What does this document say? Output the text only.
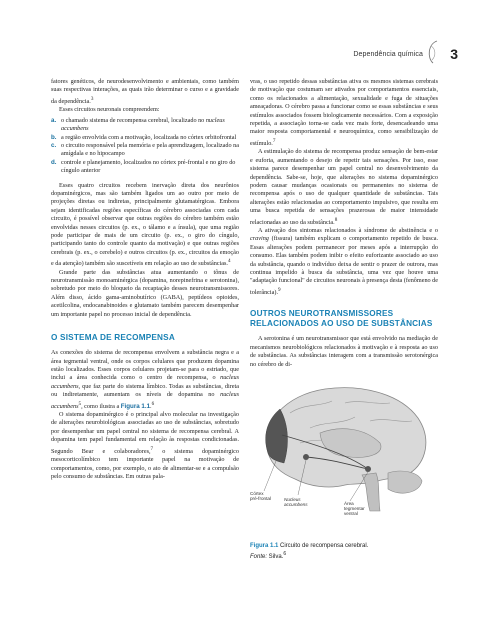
Dependência química 3

fatores genéticos, de neurodesenvolvimento e ambientais, como também suas respectivas interações, as quais irão determinar o curso e a gravidade da dependência.$^3$

Esses circuitos neuronais compreendem:

a. o chamado sistema de recompensa cerebral, localizado no nucleus accumbens
b. a região envolvida com a motivação, localizada no córtex orbitofrontal
c. o circuito responsável pela memória e pela aprendizagem, localizado na amígdala e no hipocampo
d. controle e planejamento, localizados no córtex pré-frontal e no giro do cíngulo anterior

Esses quatro circuitos recebem inervação direta dos neurônios dopaminérgicos, mas são também ligados um ao outro por meio de projeções diretas ou indiretas, principalmente glutamatérgicas. Embora sejam identificadas regiões específicas do cérebro associadas com cada circuito, é possível observar que outras regiões do cérebro também estão envolvidas nesses circuitos (p. ex., o tálamo e a ínsula), que uma região pode participar de mais de um circuito (p. ex., o giro do cíngulo, participando tanto do controle quanto da motivação) e que outras regiões cerebrais (p. ex., o cerebelo) e outros circuitos (p. ex., circuitos da emoção e da atenção) também são suscetíveis em relação ao uso de substâncias.$^4$

Grande parte das substâncias atua aumentando o tônus de neurotransmissão monoaminérgica (dopamina, norepinefrina e serotonina), sobretudo por meio do bloqueio da recaptação desses neurotransmissores. Além disso, ácido gama-aminobutírico (GABA), peptídeos opioides, acetilcolina, endocanabinoides e glutamato também parecem desempenhar um importante papel no processo inicial de dependência.

O SISTEMA DE RECOMPENSA

As conexões do sistema de recompensa envolvem a substância negra e a área tegmental ventral, onde os corpos celulares que produzem dopamina estão localizados. Esses corpos celulares projetam-se para o estriado, que inclui a área conhecida como o centro de recompensa, o nucleus accumbens, que faz parte do sistema límbico. Todas as substâncias, direta ou indiretamente, aumentam os níveis de dopamina no nucleus accumbens$^5$, como ilustra a Figura 1.1.$^6$

O sistema dopaminérgico é o principal alvo molecular na investigação de alterações neurobiológicas associadas ao uso de substâncias, sobretudo por desempenhar um papel central no sistema de recompensa cerebral. A dopamina tem papel fundamental em relação às respostas condicionadas. Segundo Bear e colaboradores,$^7$ o sistema dopaminérgico mesocorticolímbico tem importante papel na motivação de comportamentos, como, por exemplo, o ato de alimentar-se e a compulsão pelo consumo de substâncias. Em outras pala-

vras, o uso repetido dessas substâncias ativa os mesmos sistemas cerebrais de motivação que costumam ser ativados por comportamentos essenciais, como os relacionados a alimentação, sexualidade e fuga de situações ameaçadoras. O cérebro passa a funcionar como se essas substâncias e seus estímulos associados fossem biologicamente necessários. Com a exposição repetida, a associação torna-se cada vez mais forte, desencadeando uma maior resposta comportamental e neuroquímica, como sensibilização de estímulo.$^7$

A estimulação do sistema de recompensa produz sensação de bem-estar e euforia, aumentando o desejo de repetir tais sensações. Por isso, esse sistema parece desempenhar um papel central no desenvolvimento da dependência. Sabe-se, hoje, que alterações no sistema dopaminérgico podem causar mudanças ocasionais ou permanentes no sistema de recompensa após o uso de qualquer quantidade de substâncias. Tais alterações estão relacionadas ao comportamento impulsivo, que resulta em uma busca repetida de sensações prazerosas de maior intensidade relacionadas ao uso da substância.$^8$

A ativação dos sintomas relacionados à síndrome de abstinência e o craving (fissura) também explicam o comportamento repetido de busca. Essas alterações podem permanecer por meses após a interrupção do consumo. Elas também podem inibir o efeito euforizante associado ao uso da substância, quando o indivíduo deixa de sentir o prazer de outrora, mas continua impelido à busca da substância, uma vez que houve uma "adaptação funcional" de circuitos neuronais à presença desta (fenômeno de tolerância).$^9$

OUTROS NEUROTRANSMISSORES
RELACIONADOS AO USO DE SUBSTÂNCIAS

A serotonina é um neurotransmissor que está envolvido na mediação de mecanismos neurobiológicos relacionados à motivação e à resposta ao uso de substâncias. As substâncias interagem com a transmissão serotonérgica no cérebro de di-

Córtex
pré-frontal	Nucleus
accumbens	Área
tegmentar
ventral
Figura 1.1 Circuito de recompensa cerebral.
Fonte: Silva.$^6$
